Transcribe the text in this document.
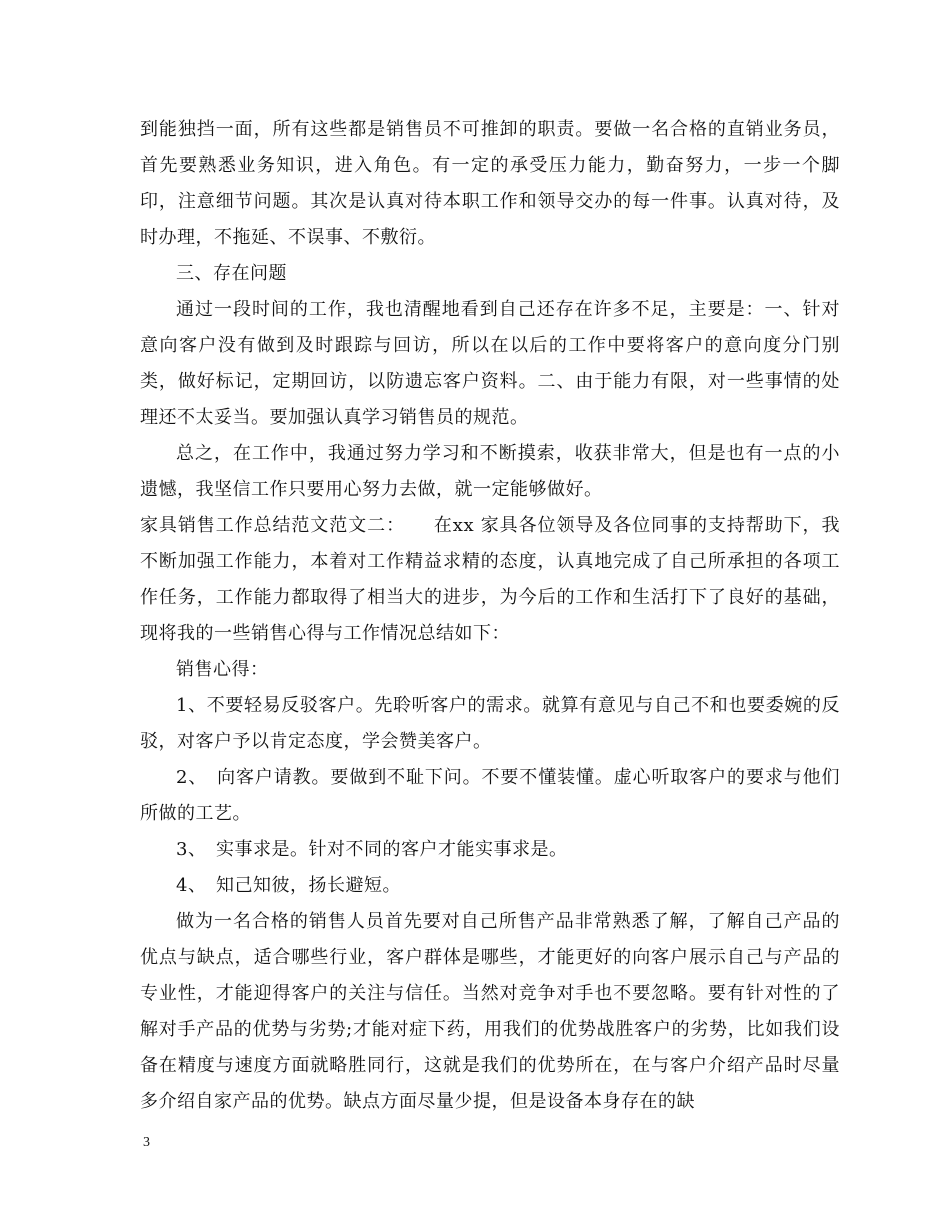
到能独挡一面，所有这些都是销售员不可推卸的职责。要做一名合格的直销业务员，首先要熟悉业务知识，进入角色。有一定的承受压力能力，勤奋努力，一步一个脚印，注意细节问题。其次是认真对待本职工作和领导交办的每一件事。认真对待，及时办理，不拖延、不误事、不敷衍。

三、存在问题

通过一段时间的工作，我也清醒地看到自己还存在许多不足，主要是：一、针对意向客户没有做到及时跟踪与回访，所以在以后的工作中要将客户的意向度分门别类，做好标记，定期回访，以防遗忘客户资料。二、由于能力有限，对一些事情的处理还不太妥当。要加强认真学习销售员的规范。

总之，在工作中，我通过努力学习和不断摸索，收获非常大，但是也有一点的小遗憾，我坚信工作只要用心努力去做，就一定能够做好。

家具销售工作总结范文范文二：　　在xx 家具各位领导及各位同事的支持帮助下，我不断加强工作能力，本着对工作精益求精的态度，认真地完成了自己所承担的各项工作任务，工作能力都取得了相当大的进步，为今后的工作和生活打下了良好的基础，现将我的一些销售心得与工作情况总结如下：

销售心得：

1、不要轻易反驳客户。先聆听客户的需求。就算有意见与自己不和也要委婉的反驳，对客户予以肯定态度，学会赞美客户。

2、　向客户请教。要做到不耻下问。不要不懂装懂。虚心听取客户的要求与他们所做的工艺。

3、　实事求是。针对不同的客户才能实事求是。

4、　知己知彼，扬长避短。

做为一名合格的销售人员首先要对自己所售产品非常熟悉了解，了解自己产品的优点与缺点，适合哪些行业，客户群体是哪些，才能更好的向客户展示自己与产品的专业性，才能迎得客户的关注与信任。当然对竞争对手也不要忽略。要有针对性的了解对手产品的优势与劣势;才能对症下药，用我们的优势战胜客户的劣势，比如我们设备在精度与速度方面就略胜同行，这就是我们的优势所在，在与客户介绍产品时尽量多介绍自家产品的优势。缺点方面尽量少提，但是设备本身存在的缺

3
